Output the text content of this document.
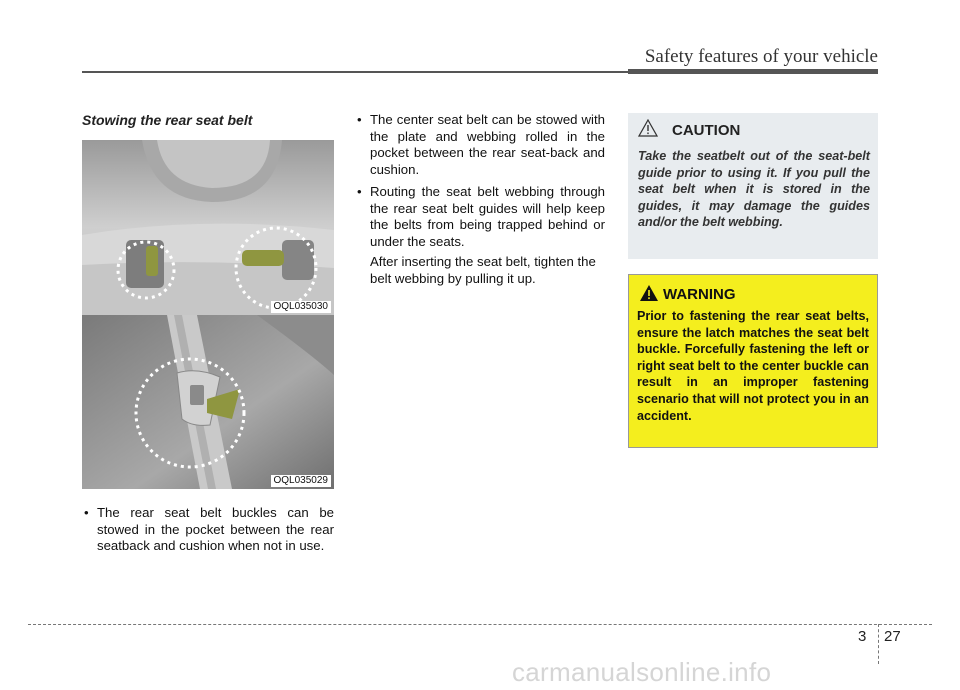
Safety features of your vehicle
Stowing the rear seat belt
OQL035030
OQL035029
• The rear seat belt buckles can be stowed in the pocket between the rear seatback and cushion when not in use.
• The center seat belt can be stowed with the plate and webbing rolled in the pocket between the rear seat-back and cushion.
• Routing the seat belt webbing through the rear seat belt guides will help keep the belts from being trapped behind or under the seats.
After inserting the seat belt, tighten the belt webbing by pulling it up.
CAUTION
Take the seatbelt out of the seat-belt guide prior to using it. If you pull the seat belt when it is stored in the guides, it may damage the guides and/or the belt webbing.
WARNING
Prior to fastening the rear seat belts, ensure the latch matches the seat belt buckle. Forcefully fastening the left or right seat belt to the center buckle can result in an improper fastening scenario that will not protect you in an accident.
3 27
carmanualsonline.info
